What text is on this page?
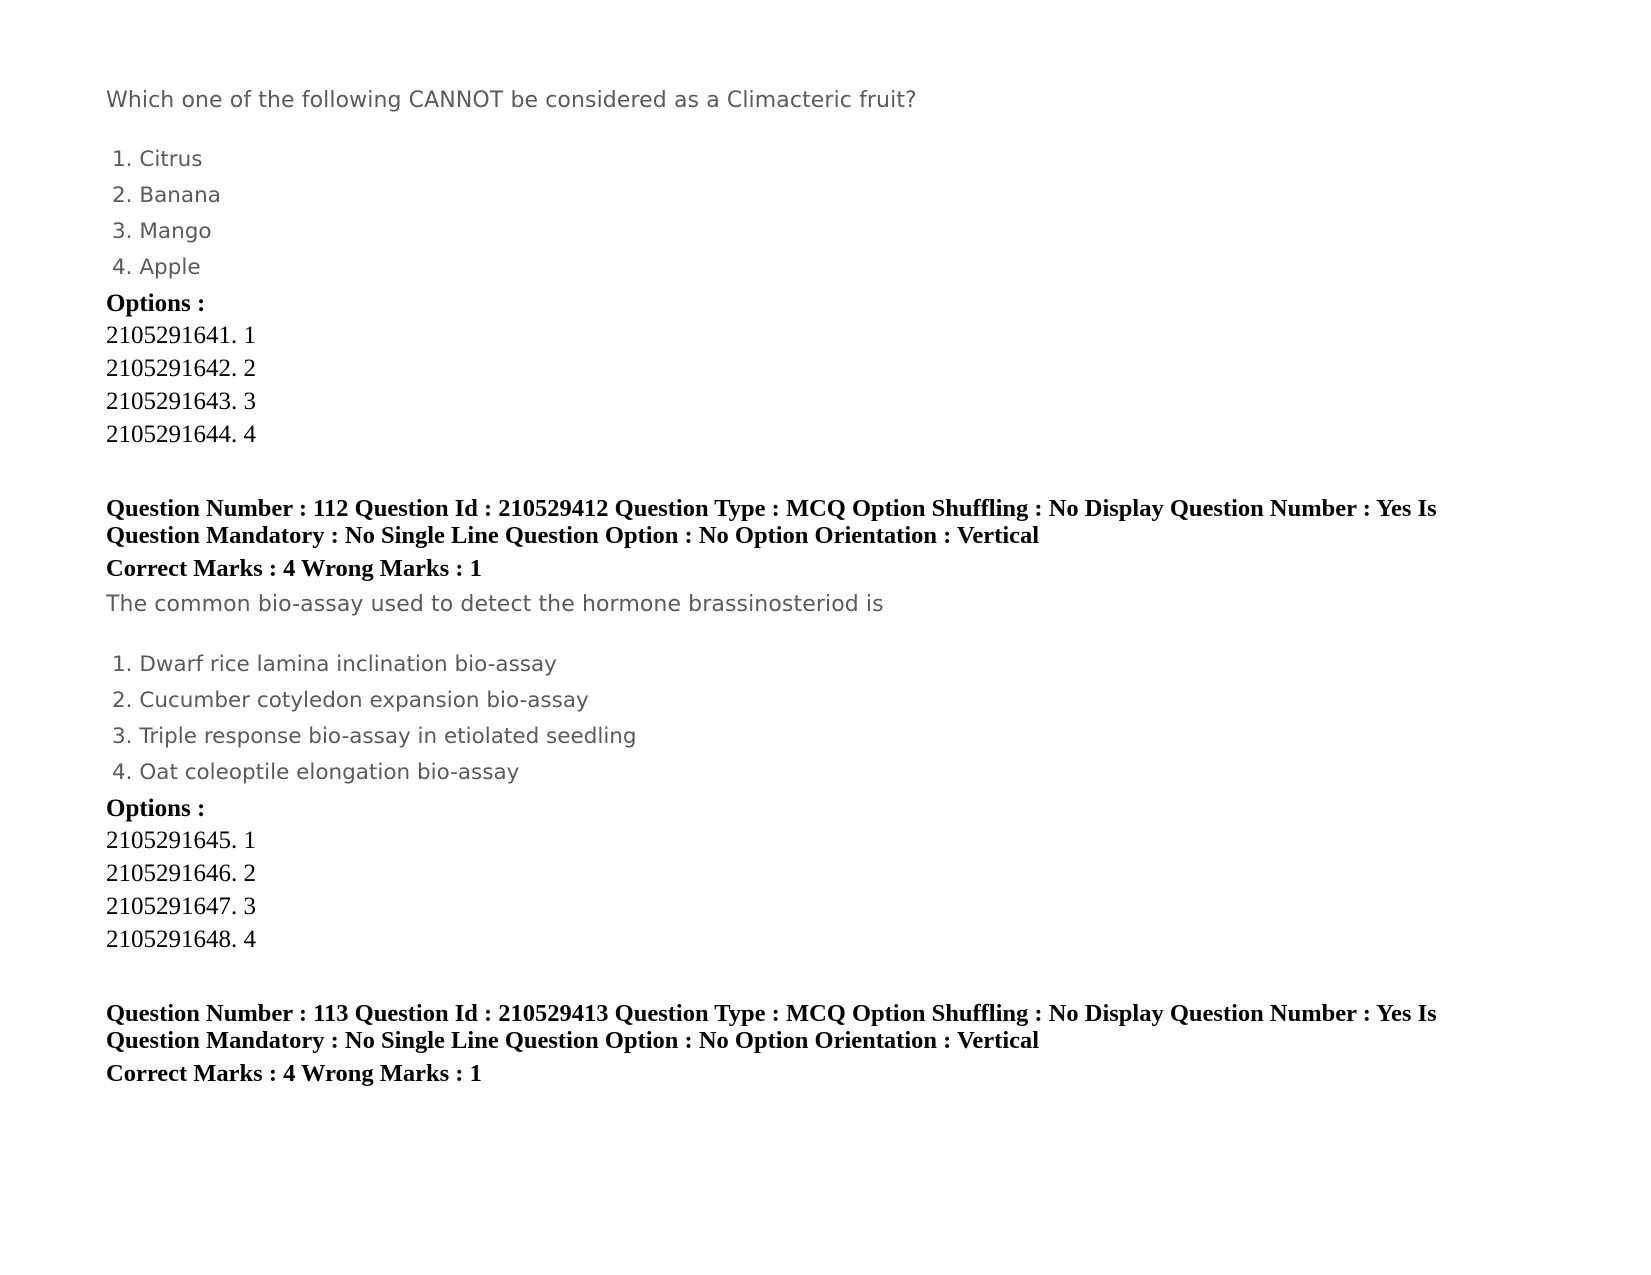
Which one of the following CANNOT be considered as a Climacteric fruit?
1. Citrus
2. Banana
3. Mango
4. Apple
Options :
2105291641. 1
2105291642. 2
2105291643. 3
2105291644. 4
Question Number : 112 Question Id : 210529412 Question Type : MCQ Option Shuffling : No Display Question Number : Yes Is
Question Mandatory : No Single Line Question Option : No Option Orientation : Vertical
Correct Marks : 4 Wrong Marks : 1
The common bio-assay used to detect the hormone brassinosteriod is
1. Dwarf rice lamina inclination bio-assay
2. Cucumber cotyledon expansion bio-assay
3. Triple response bio-assay in etiolated seedling
4. Oat coleoptile elongation bio-assay
Options :
2105291645. 1
2105291646. 2
2105291647. 3
2105291648. 4
Question Number : 113 Question Id : 210529413 Question Type : MCQ Option Shuffling : No Display Question Number : Yes Is
Question Mandatory : No Single Line Question Option : No Option Orientation : Vertical
Correct Marks : 4 Wrong Marks : 1
